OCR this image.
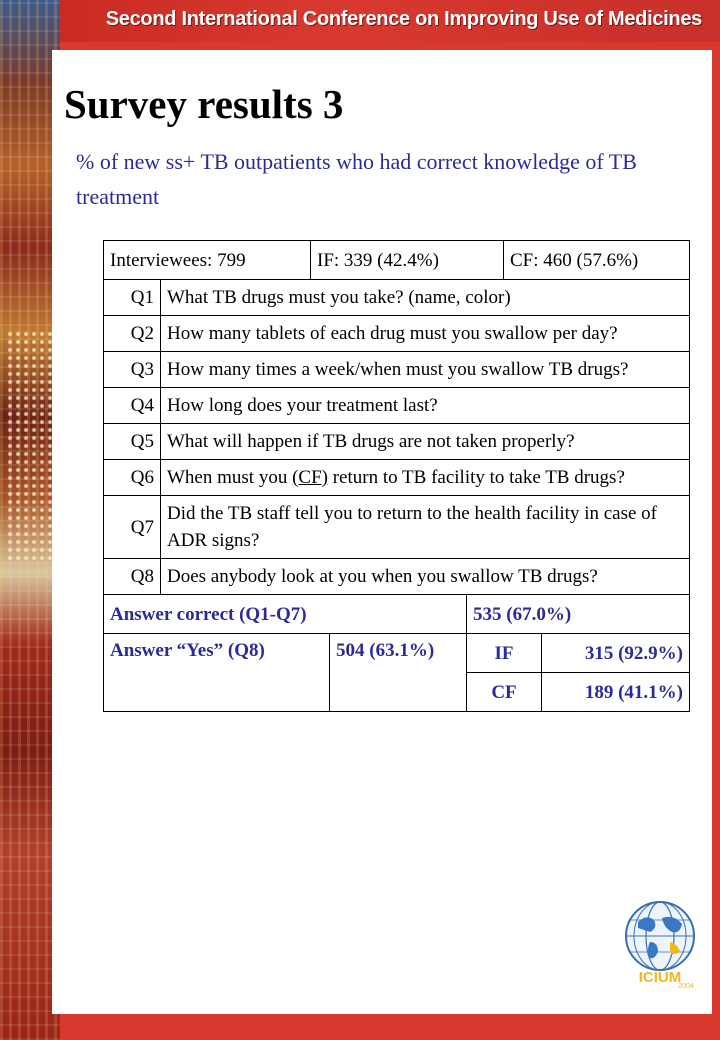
Second International Conference on Improving Use of Medicines
Survey results 3
% of new ss+ TB outpatients who had correct knowledge of TB treatment
Interviewees: 799		IF: 339 (42.4%)			CF: 460 (57.6%)	
Q1	What TB drugs must you take? (name, color)					
Q2	How many tablets of each drug must you swallow per day?					
Q3	How many times a week/when must you swallow TB drugs?					
Q4	How long does your treatment last?					
Q5	What will happen if TB drugs are not taken properly?					
Q6	When must you (CF) return to TB facility to take TB drugs?					
Q7	Did the TB staff tell you to return to the health facility in case of ADR signs?					
Q8	Does anybody look at you when you swallow TB drugs?					
Answer correct (Q1-Q7)				535 (67.0%)		
Answer “Yes” (Q8)			504 (63.1%)	IF		315 (92.9%)
				CF		189 (41.1%)
ICIUM
2004
